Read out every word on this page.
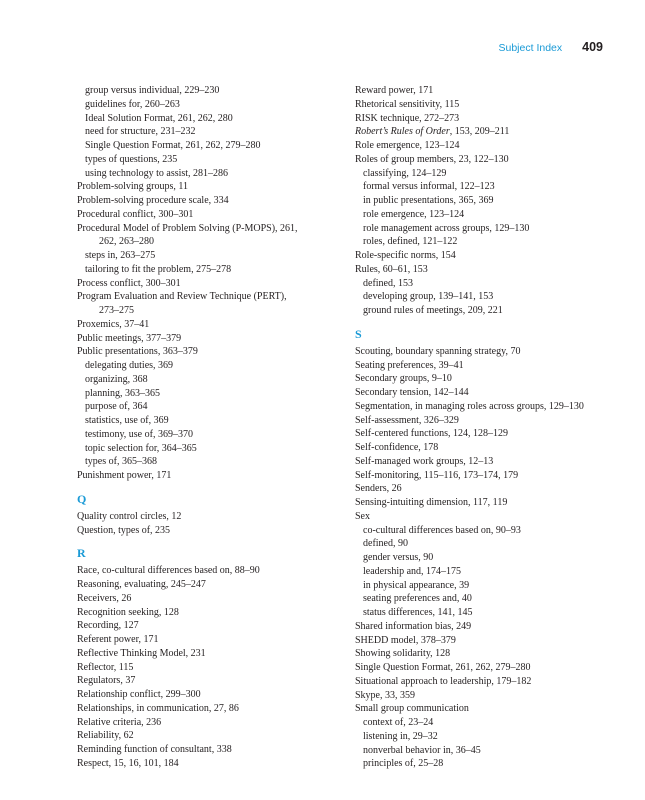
Subject Index 409
group versus individual, 229–230
guidelines for, 260–263
Ideal Solution Format, 261, 262, 280
need for structure, 231–232
Single Question Format, 261, 262, 279–280
types of questions, 235
using technology to assist, 281–286
Problem-solving groups, 11
Problem-solving procedure scale, 334
Procedural conflict, 300–301
Procedural Model of Problem Solving (P-MOPS), 261,
262, 263–280
steps in, 263–275
tailoring to fit the problem, 275–278
Process conflict, 300–301
Program Evaluation and Review Technique (PERT),
273–275
Proxemics, 37–41
Public meetings, 377–379
Public presentations, 363–379
delegating duties, 369
organizing, 368
planning, 363–365
purpose of, 364
statistics, use of, 369
testimony, use of, 369–370
topic selection for, 364–365
types of, 365–368
Punishment power, 171
Q
Quality control circles, 12
Question, types of, 235
R
Race, co-cultural differences based on, 88–90
Reasoning, evaluating, 245–247
Receivers, 26
Recognition seeking, 128
Recording, 127
Referent power, 171
Reflective Thinking Model, 231
Reflector, 115
Regulators, 37
Relationship conflict, 299–300
Relationships, in communication, 27, 86
Relative criteria, 236
Reliability, 62
Reminding function of consultant, 338
Respect, 15, 16, 101, 184
Reward power, 171
Rhetorical sensitivity, 115
RISK technique, 272–273
Robert’s Rules of Order, 153, 209–211
Role emergence, 123–124
Roles of group members, 23, 122–130
classifying, 124–129
formal versus informal, 122–123
in public presentations, 365, 369
role emergence, 123–124
role management across groups, 129–130
roles, defined, 121–122
Role-specific norms, 154
Rules, 60–61, 153
defined, 153
developing group, 139–141, 153
ground rules of meetings, 209, 221
S
Scouting, boundary spanning strategy, 70
Seating preferences, 39–41
Secondary groups, 9–10
Secondary tension, 142–144
Segmentation, in managing roles across groups, 129–130
Self-assessment, 326–329
Self-centered functions, 124, 128–129
Self-confidence, 178
Self-managed work groups, 12–13
Self-monitoring, 115–116, 173–174, 179
Senders, 26
Sensing-intuiting dimension, 117, 119
Sex
co-cultural differences based on, 90–93
defined, 90
gender versus, 90
leadership and, 174–175
in physical appearance, 39
seating preferences and, 40
status differences, 141, 145
Shared information bias, 249
SHEDD model, 378–379
Showing solidarity, 128
Single Question Format, 261, 262, 279–280
Situational approach to leadership, 179–182
Skype, 33, 359
Small group communication
context of, 23–24
listening in, 29–32
nonverbal behavior in, 36–45
principles of, 25–28
